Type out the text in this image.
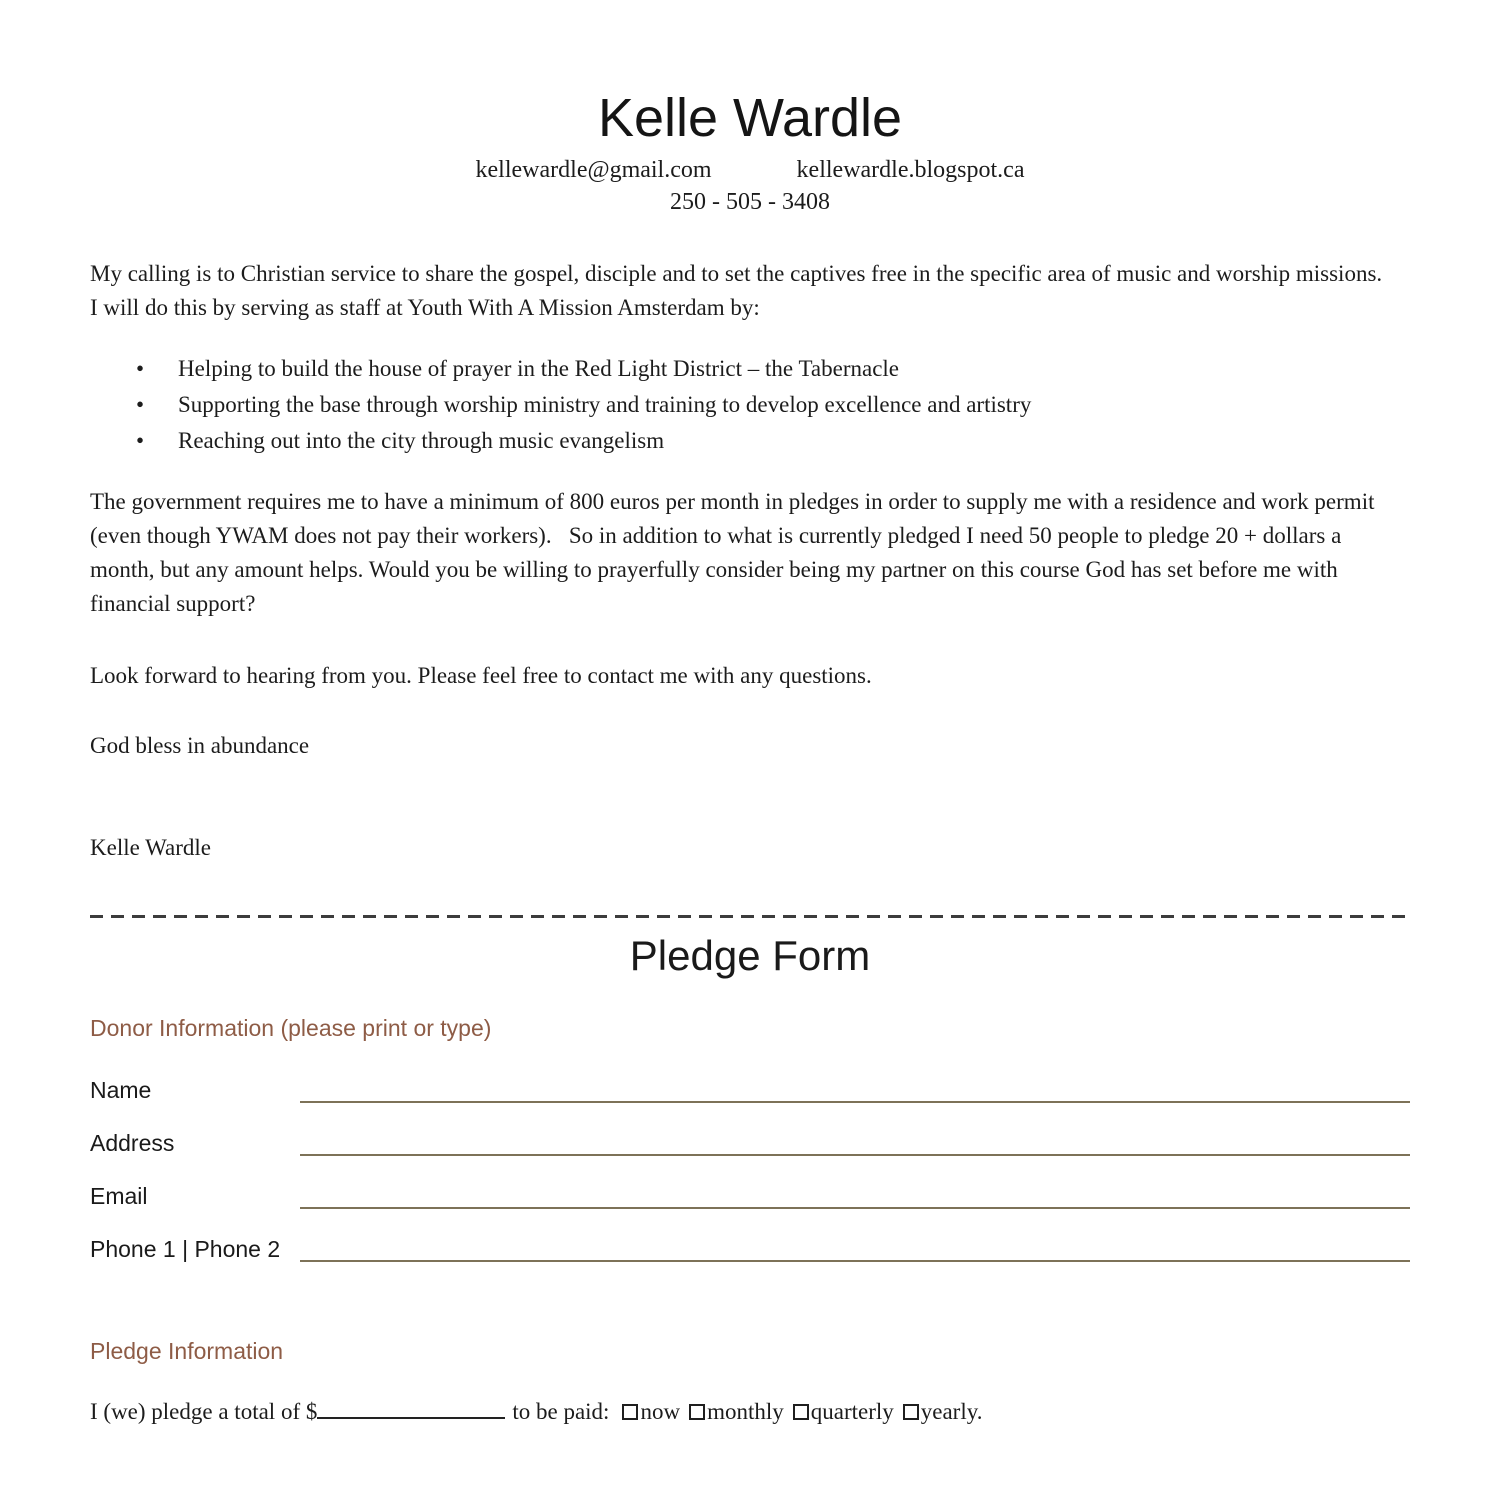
Kelle Wardle
kellewardle@gmail.com	kellewardle.blogspot.ca
250 - 505 - 3408

My calling is to Christian service to share the gospel, disciple and to set the captives free in the specific area of music and worship missions.

I will do this by serving as staff at Youth With A Mission Amsterdam by:

• Helping to build the house of prayer in the Red Light District – the Tabernacle
• Supporting the base through worship ministry and training to develop excellence and artistry
• Reaching out into the city through music evangelism

The government requires me to have a minimum of 800 euros per month in pledges in order to supply me with a residence and work permit (even though YWAM does not pay their workers).   So in addition to what is currently pledged I need 50 people to pledge 20 + dollars a month, but any amount helps. Would you be willing to prayerfully consider being my partner on this course God has set before me with financial support?

Look forward to hearing from you. Please feel free to contact me with any questions.

God bless in abundance

Kelle Wardle

Pledge Form
Donor Information (please print or type)
Name
Address
Email
Phone 1 | Phone 2
Pledge Information

I (we) pledge a total of $	to be paid: now monthly quarterly yearly.
